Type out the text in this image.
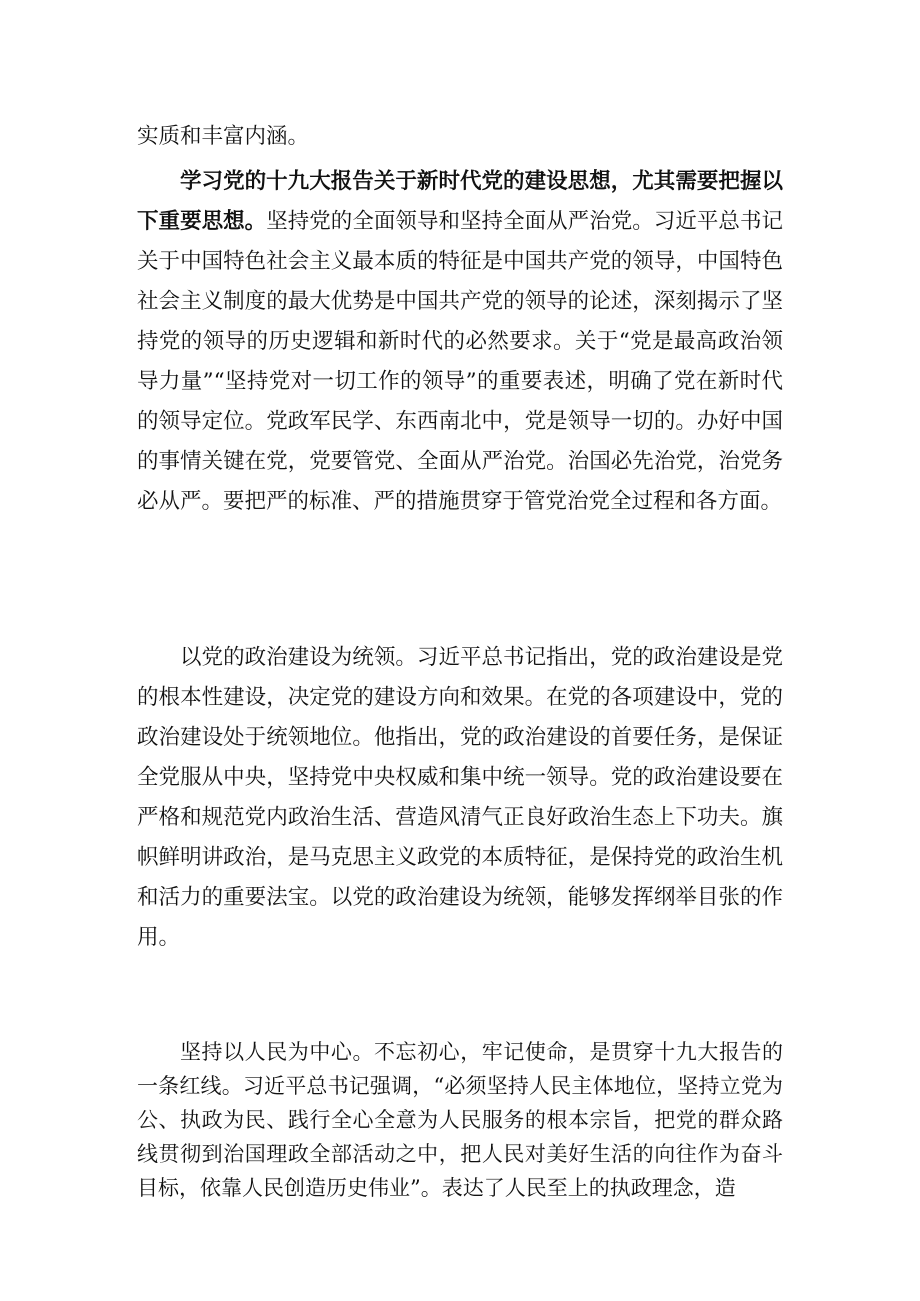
实质和丰富内涵。

学习党的十九大报告关于新时代党的建设思想，尤其需要把握以下重要思想。坚持党的全面领导和坚持全面从严治党。习近平总书记关于中国特色社会主义最本质的特征是中国共产党的领导，中国特色社会主义制度的最大优势是中国共产党的领导的论述，深刻揭示了坚持党的领导的历史逻辑和新时代的必然要求。关于“党是最高政治领导力量”“坚持党对一切工作的领导”的重要表述，明确了党在新时代的领导定位。党政军民学、东西南北中，党是领导一切的。办好中国的事情关键在党，党要管党、全面从严治党。治国必先治党，治党务必从严。要把严的标准、严的措施贯穿于管党治党全过程和各方面。

以党的政治建设为统领。习近平总书记指出，党的政治建设是党的根本性建设，决定党的建设方向和效果。在党的各项建设中，党的政治建设处于统领地位。他指出，党的政治建设的首要任务，是保证全党服从中央，坚持党中央权威和集中统一领导。党的政治建设要在严格和规范党内政治生活、营造风清气正良好政治生态上下功夫。旗帜鲜明讲政治，是马克思主义政党的本质特征，是保持党的政治生机和活力的重要法宝。以党的政治建设为统领，能够发挥纲举目张的作用。

坚持以人民为中心。不忘初心，牢记使命，是贯穿十九大报告的一条红线。习近平总书记强调，“必须坚持人民主体地位，坚持立党为公、执政为民、践行全心全意为人民服务的根本宗旨，把党的群众路线贯彻到治国理政全部活动之中，把人民对美好生活的向往作为奋斗目标，依靠人民创造历史伟业”。表达了人民至上的执政理念，造
